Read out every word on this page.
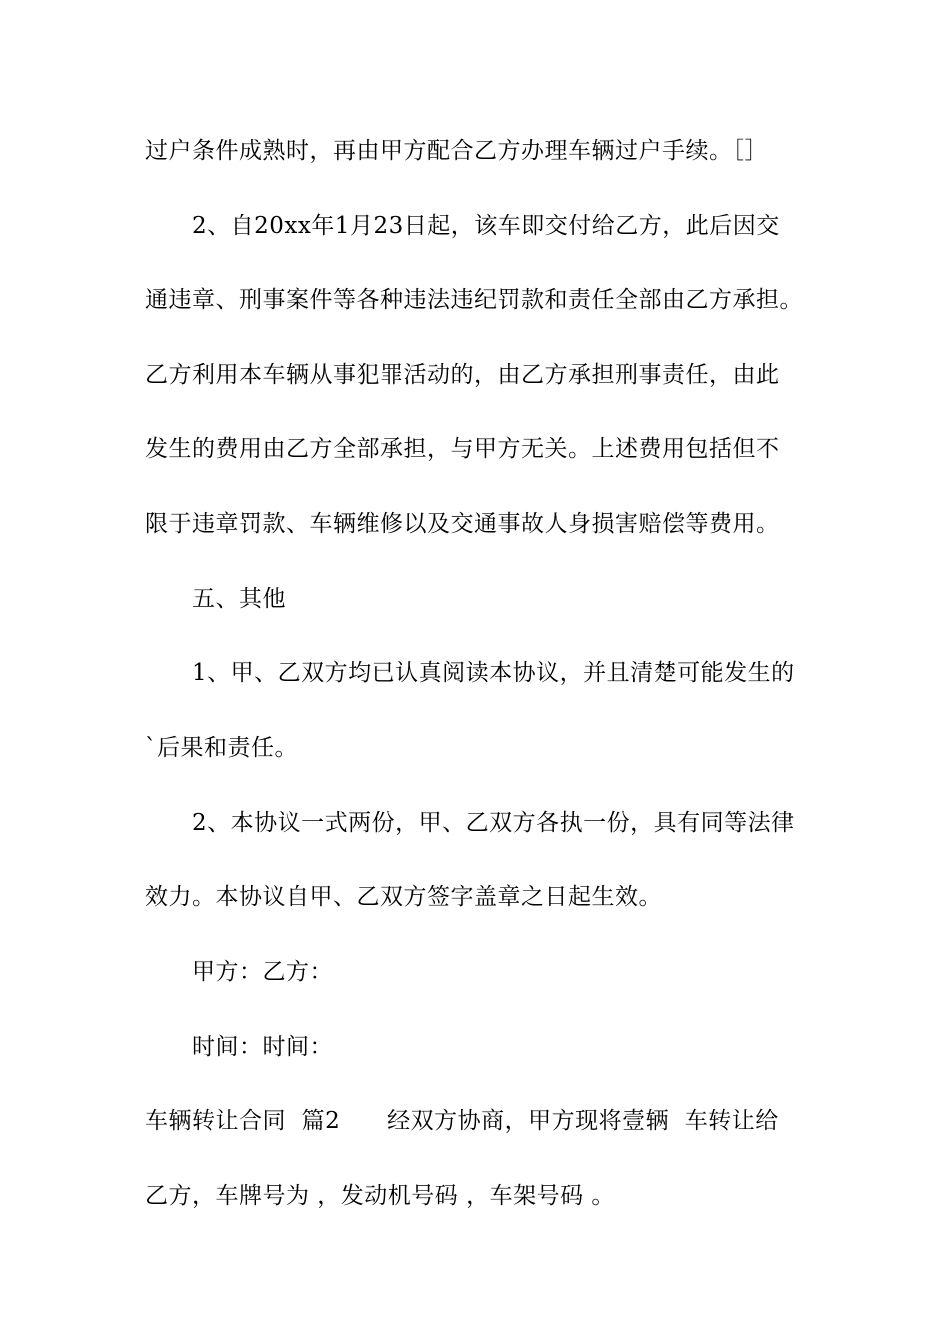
过户条件成熟时，再由甲方配合乙方办理车辆过户手续。［］
2、自20xx年1月23日起，该车即交付给乙方，此后因交
通违章、刑事案件等各种违法违纪罚款和责任全部由乙方承担。
乙方利用本车辆从事犯罪活动的，由乙方承担刑事责任，由此
发生的费用由乙方全部承担，与甲方无关。上述费用包括但不
限于违章罚款、车辆维修以及交通事故人身损害赔偿等费用。
五、其他
1、甲、乙双方均已认真阅读本协议，并且清楚可能发生的
`后果和责任。
2、本协议一式两份，甲、乙双方各执一份，具有同等法律
效力。本协议自甲、乙双方签字盖章之日起生效。
甲方：乙方：
时间：时间：
车辆转让合同  篇2      经双方协商，甲方现将壹辆  车转让给
乙方，车牌号为 ，发动机号码 ，车架号码 。
